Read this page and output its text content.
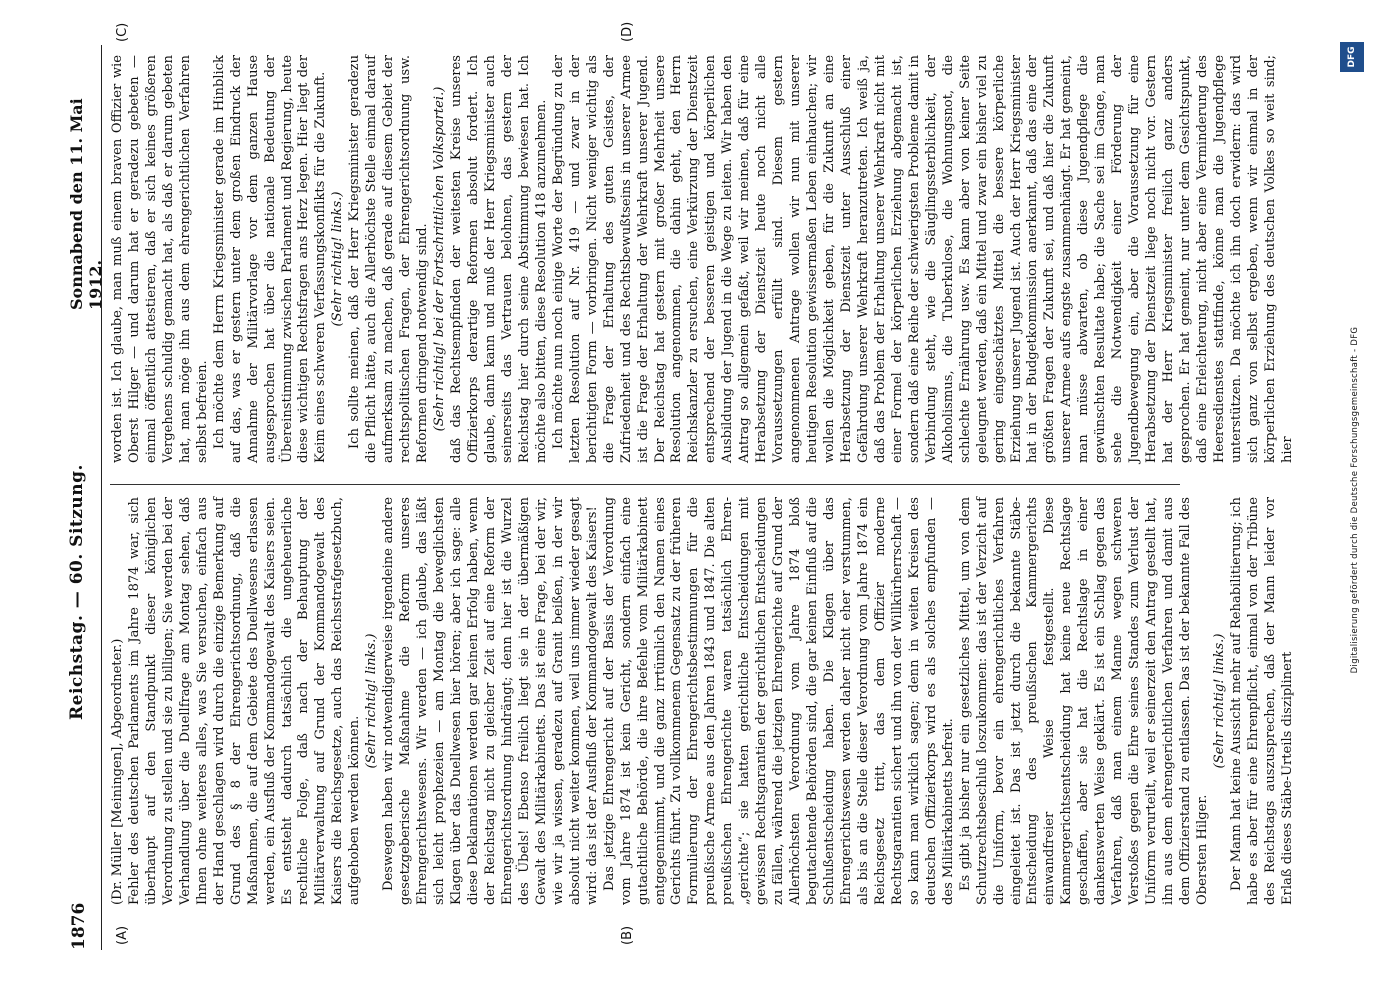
1876
Reichstag. — 60. Sitzung.
Sonnabend den 11. Mai 1912.
(A)	(B)
(C)	(D)

(Dr. Müller [Meiningen], Abgeordneter.) Fehler des deutschen Parlaments im Jahre 1874 war, sich überhaupt auf den Standpunkt dieser königlichen Verordnung zu stellen und sie zu billigen; Sie werden bei der Verhandlung über die Duellfrage am Montag sehen, daß Ihnen ohne weiteres alles, was Sie versuchen, einfach aus der Hand geschlagen wird durch die einzige Bemerkung auf Grund des § 8 der Ehrengerichtsordnung, daß die Maßnahmen, die auf dem Gebiete des Duellwesens erlassen werden, ein Ausfluß der Kommandogewalt des Kaisers seien. Es entsteht dadurch tatsächlich die ungeheuerliche rechtliche Folge, daß nach der Behauptung der Militärverwaltung auf Grund der Kommandogewalt des Kaisers die Reichsgesetze, auch das Reichsstrafgesetzbuch, aufgehoben werden können.

(Sehr richtig! links.) Deswegen haben wir notwendigerweise irgendeine andere gesetzgeberische Maßnahme die Reform unseres Ehrengerichtswesens. Wir werden — ich glaube, das läßt sich leicht prophezeien — am Montag die beweglichsten Klagen über das Duellwesen hier hören; aber ich sage: alle diese Deklamationen werden gar keinen Erfolg haben, wenn der Reichstag nicht zu gleicher Zeit auf eine Reform der Ehrengerichtsordnung hindrängt; denn hier ist die Wurzel des Übels! Ebenso freilich liegt sie in der übermäßigen Gewalt des Militärkabinetts. Das ist eine Frage, bei der wir, wie wir ja wissen, geradezu auf Granit beißen, in der wir absolut nicht weiter kommen, weil uns immer wieder gesagt wird: das ist der Ausfluß der Kommandogewalt des Kaisers! Das jetzige Ehrengericht auf der Basis der Verordnung vom Jahre 1874 ist kein Gericht, sondern einfach eine gutachtliche Behörde, die ihre Befehle vom Militärkabinett entgegennimmt, und die ganz irrtümlich den Namen eines Gerichts führt. Zu vollkommenem Gegensatz zu der früheren Formulierung der Ehrengerichtsbestimmungen für die preußische Armee aus den Jahren 1843 und 1847. Die alten preußischen Ehrengerichte waren tatsächlich Ehren-„gerichte“; sie hatten gerichtliche Entscheidungen mit gewissen Rechtsgarantien der gerichtlichen Entscheidungen zu fällen, während die jetzigen Ehrengerichte auf Grund der Allerhöchsten Verordnung vom Jahre 1874 bloß begutachtende Behörden sind, die gar keinen Einfluß auf die Schlußentscheidung haben. Die Klagen über das Ehrengerichtswesen werden daher nicht eher verstummen, als bis an die Stelle dieser Verordnung vom Jahre 1874 ein Reichsgesetz tritt, das dem Offizier moderne Rechtsgarantien sichert und ihn von der Willkürherrschaft — so kann man wirklich sagen; denn in weiten Kreisen des deutschen Offizierkorps wird es als solches empfunden — des Militärkabinetts befreit. Es gibt ja bisher nur ein gesetzliches Mittel, um von dem Schutzrechtsbeschluß loszukommen: das ist der Verzicht auf die Uniform, bevor ein ehrengerichtliches Verfahren eingeleitet ist. Das ist jetzt durch die bekannte Stäbe-Entscheidung des preußischen Kammergerichts einwandfreier Weise festgestellt. Diese Kammergerichtsentscheidung hat keine neue Rechtslage geschaffen, aber sie hat die Rechtslage in einer dankenswerten Weise geklärt. Es ist ein Schlag gegen das Verfahren, daß man einem Manne wegen schweren Verstoßes gegen die Ehre seines Standes zum Verlust der Uniform verurteilt, weil er seinerzeit den Antrag gestellt hat, ihn aus dem ehrengerichtlichen Verfahren und damit aus dem Offizierstand zu entlassen. Das ist der bekannte Fall des Obersten Hilger.

(Sehr richtig! links.) Der Mann hat keine Aussicht mehr auf Rehabilitierung; ich habe es aber für eine Ehrenpflicht, einmal von der Tribüne des Reichstags auszusprechen, daß der Mann leider vor Erlaß dieses Stäbe-Urteils disziplinert

worden ist. Ich glaube, man muß einem braven Offizier wie Oberst Hilger — und darum hat er geradezu gebeten — einmal öffentlich attestieren, daß er sich keines größeren Vergehens schuldig gemacht hat, als daß er darum gebeten hat, man möge ihn aus dem ehrengerichtlichen Verfahren selbst befreien. Ich möchte dem Herrn Kriegsminister gerade im Hinblick auf das, was er gestern unter dem großen Eindruck der Annahme der Militärvorlage vor dem ganzen Hause ausgesprochen hat über die nationale Bedeutung der Übereinstimmung zwischen Parlament und Regierung, heute diese wichtigen Rechtsfragen ans Herz legen. Hier liegt der Keim eines schweren Verfassungskonflikts für die Zukunft. (Sehr richtig! links.) Ich sollte meinen, daß der Herr Kriegsminister geradezu die Pflicht hätte, auch die Allerhöchste Stelle einmal darauf aufmerksam zu machen, daß gerade auf diesem Gebiet der rechtspolitischen Fragen, der Ehrengerichtsordnung usw. Reformen dringend notwendig sind. (Sehr richtig! bei der Fortschrittlichen Volkspartei.) daß das Rechtsempfinden der weitesten Kreise unseres Offizierkorps derartige Reformen absolut fordert. Ich glaube, dann kann und muß der Herr Kriegsminister auch seinerseits das Vertrauen belohnen, das gestern der Reichstag hier durch seine Abstimmung bewiesen hat. Ich möchte also bitten, diese Resolution 418 anzunehmen. Ich möchte nun noch einige Worte der Begründung zu der letzten Resolution auf Nr. 419 — und zwar in der berichtigten Form — vorbringen. Nicht weniger wichtig als die Frage der Erhaltung des guten Geistes, der Zufriedenheit und des Rechtsbewußtseins in unserer Armee ist die Frage der Erhaltung der Wehrkraft unserer Jugend. Der Reichstag hat gestern mit großer Mehrheit unsere Resolution angenommen, die dahin geht, den Herrn Reichskanzler zu ersuchen, eine Verkürzung der Dienstzeit entsprechend der besseren geistigen und körperlichen Ausbildung der Jugend in die Wege zu leiten. Wir haben den Antrag so allgemein gefaßt, weil wir meinen, daß für eine Herabsetzung der Dienstzeit heute noch nicht alle Voraussetzungen erfüllt sind. Diesem gestern angenommenen Antrage wollen wir nun mit unserer heutigen Resolution gewissermaßen Leben einhauchen; wir wollen die Möglichkeit geben, für die Zukunft an eine Herabsetzung der Dienstzeit unter Ausschluß einer Gefährdung unserer Wehrkraft heranzutreten. Ich weiß ja, daß das Problem der Erhaltung unserer Wehrkraft nicht mit einer Formel der körperlichen Erziehung abgemacht ist, sondern daß eine Reihe der schwierigsten Probleme damit in Verbindung steht, wie die Säuglingssterblichkeit, der Alkoholismus, die Tuberkulose, die Wohnungsnot, die schlechte Ernährung usw. Es kann aber von keiner Seite geleugnet werden, daß ein Mittel und zwar ein bisher viel zu gering eingeschätztes Mittel die bessere körperliche Erziehung unserer Jugend ist. Auch der Herr Kriegsminister hat in der Budgetkommission anerkannt, daß das eine der größten Fragen der Zukunft sei, und daß hier die Zukunft unserer Armee aufs engste zusammenhängt. Er hat gemeint, man müsse abwarten, ob diese Jugendpflege die gewünschten Resultate habe; die Sache sei im Gange, man sehe die Notwendigkeit einer Förderung der Jugendbewegung ein, aber die Voraussetzung für eine Herabsetzung der Dienstzeit liege noch nicht vor. Gestern hat der Herr Kriegsminister freilich ganz anders gesprochen. Er hat gemeint, nur unter dem Gesichtspunkt, daß eine Erleichterung, nicht aber eine Verminderung des Heeresdienstes stattfinde, könne man die Jugendpflege unterstützen. Da möchte ich ihn doch erwidern: das wird sich ganz von selbst ergeben, wenn wir einmal in der körperlichen Erziehung des deutschen Volkes so weit sind; hier	Digitalisierung gefördert durch die Deutsche Forschungsgemeinschaft - DFG
DFG
